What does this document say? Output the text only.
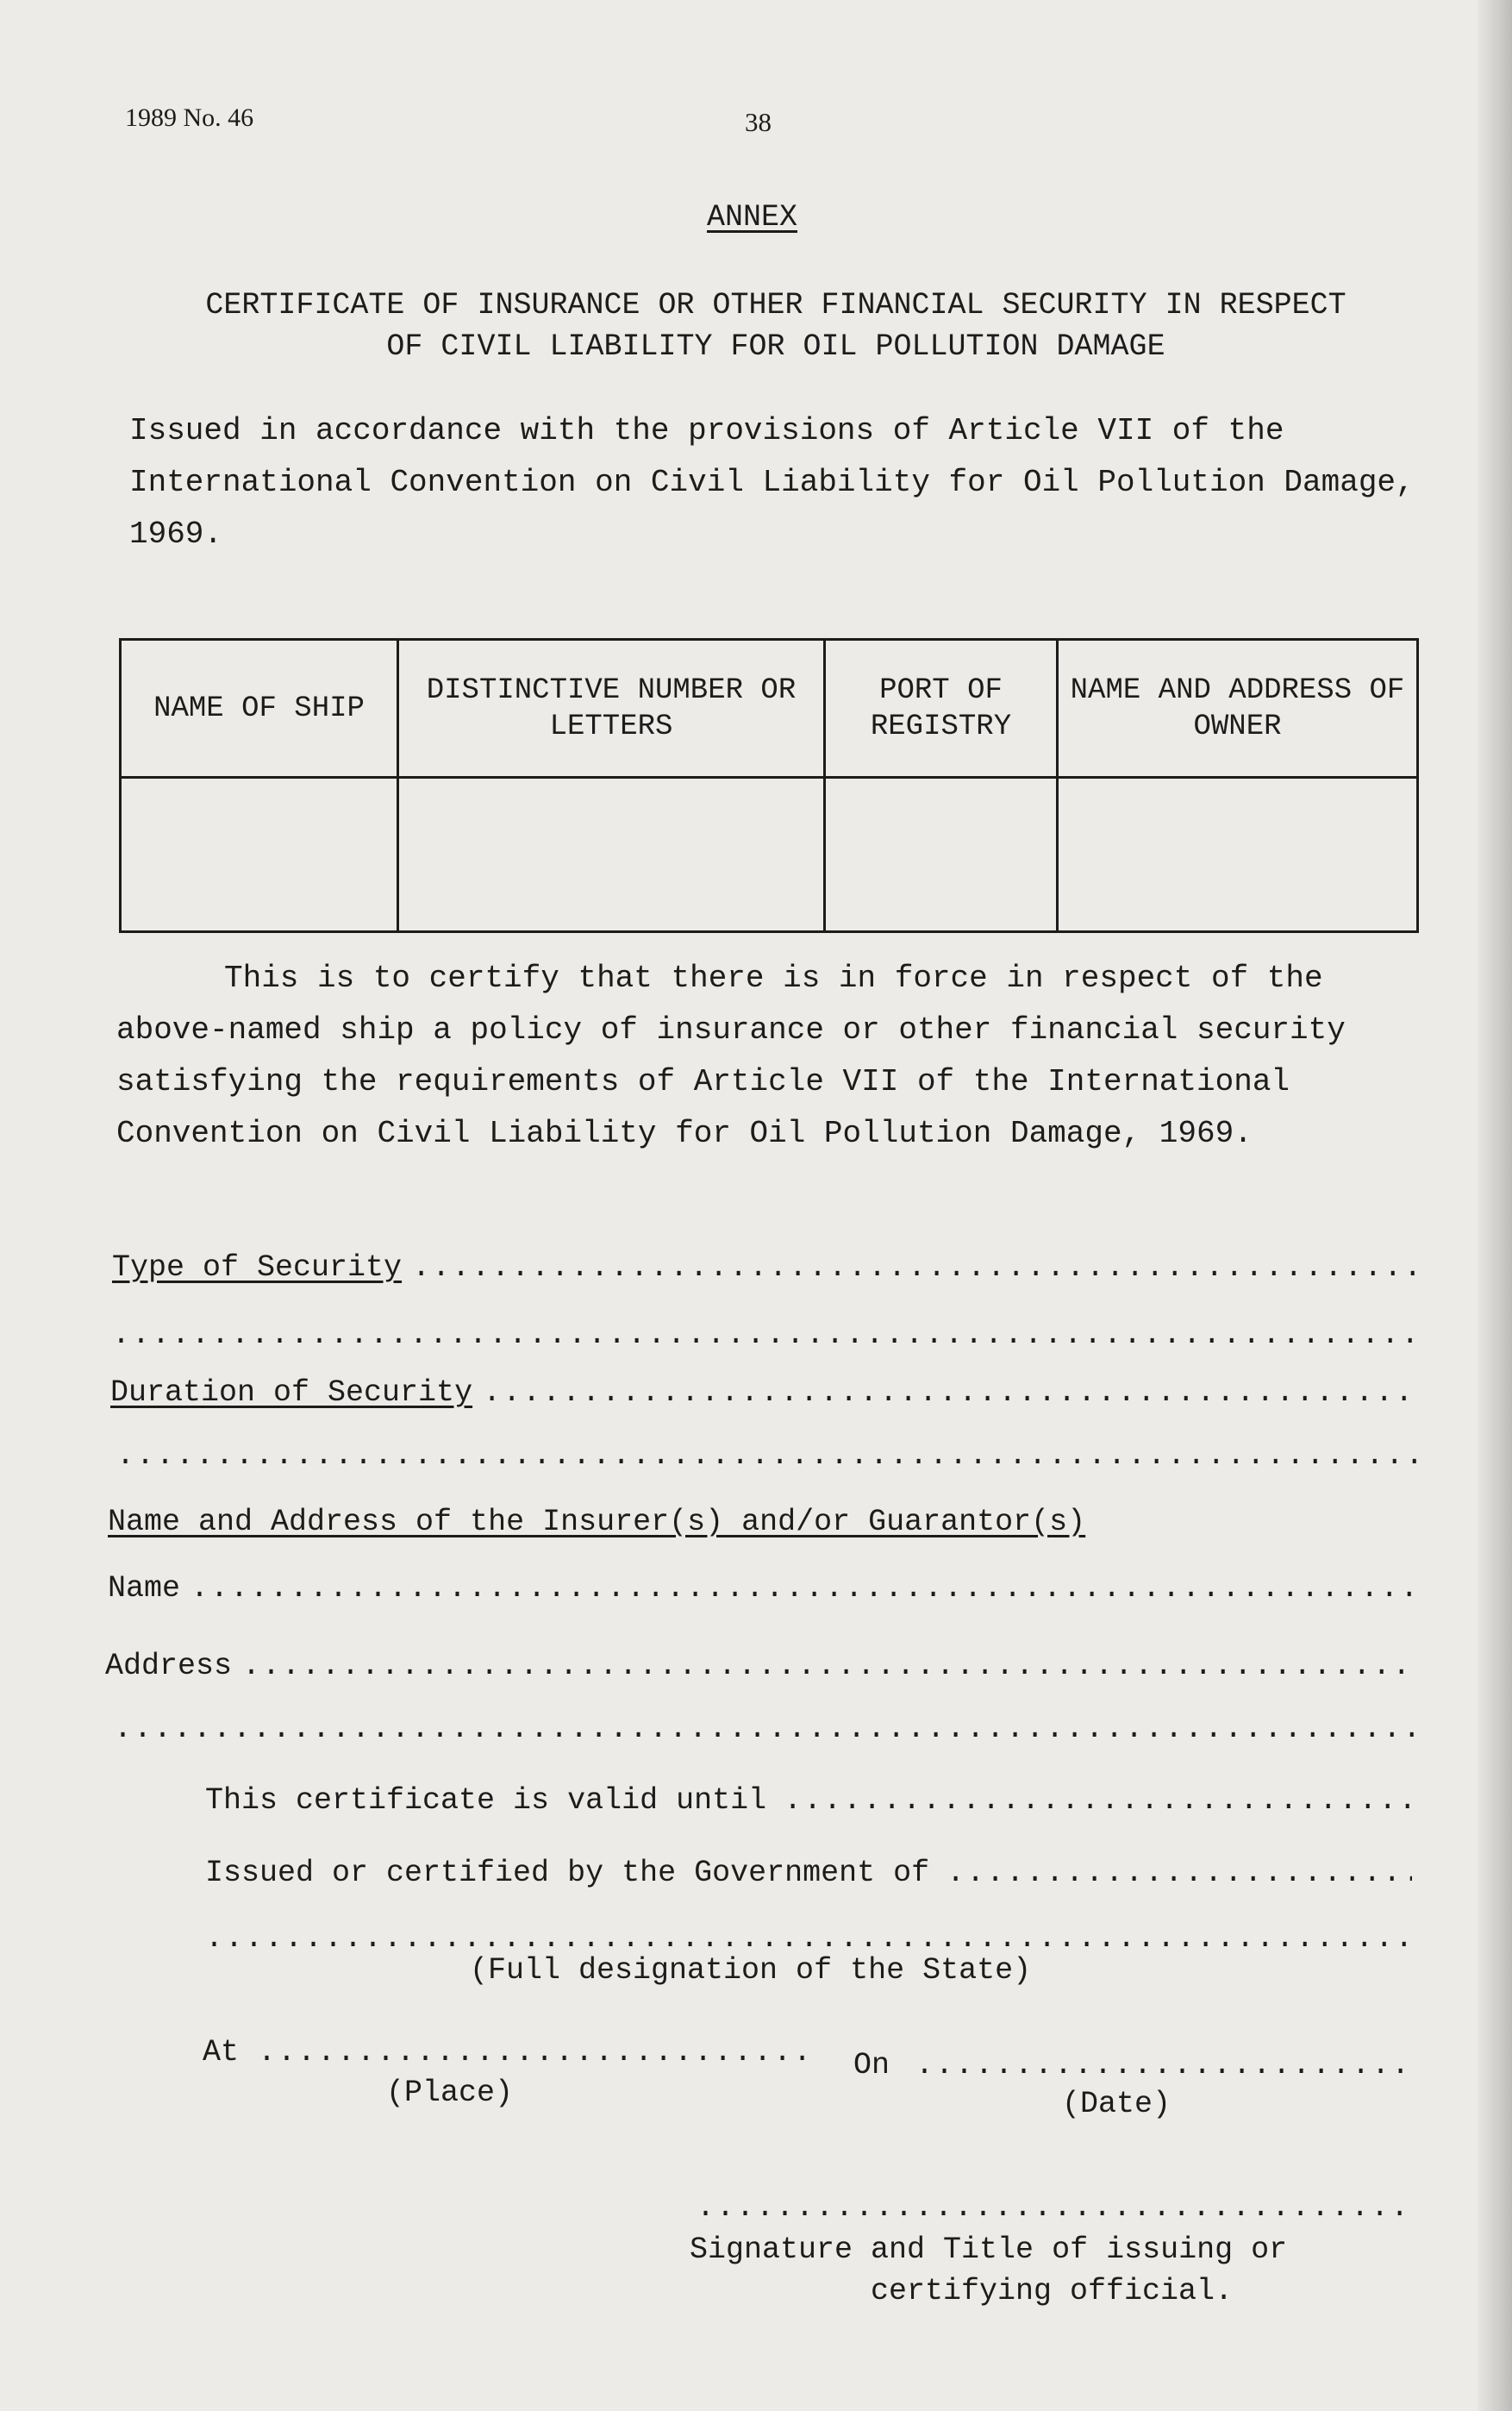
1989 No. 46	38
ANNEX
CERTIFICATE OF INSURANCE OR OTHER FINANCIAL SECURITY IN RESPECT
OF CIVIL LIABILITY FOR OIL POLLUTION DAMAGE
Issued in accordance with the provisions of Article VII of the International Convention on Civil Liability for Oil Pollution Damage, 1969.
NAME OF SHIP	DISTINCTIVE NUMBER OR LETTERS	PORT OF REGISTRY	NAME AND ADDRESS OF OWNER

This is to certify that there is in force in respect of the above-named ship a policy of insurance or other financial security satisfying the requirements of Article VII of the International Convention on Civil Liability for Oil Pollution Damage, 1969.
Type of Security
.....
.....
Duration of Security
.....
.....
Name and Address of the Insurer(s) and/or Guarantor(s)
Name
.....
Address
.....
.....
This certificate is valid until
.....
Issued or certified by the Government of
.....
.....
(Full designation of the State)
At .....	On
.....
(Place)	(Date)
.....
Signature and Title of issuing or
certifying official.
